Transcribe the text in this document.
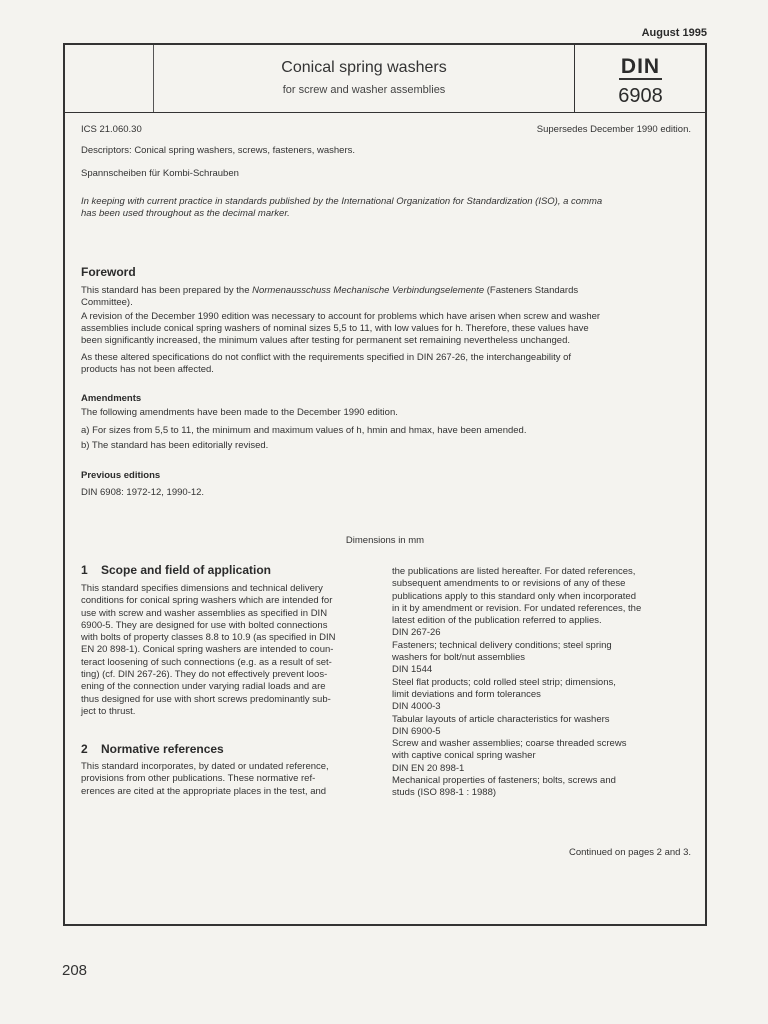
August 1995
Conical spring washers
for screw and washer assemblies
DIN
6908
ICS 21.060.30	Supersedes December 1990 edition.
Descriptors: Conical spring washers, screws, fasteners, washers.
Spannscheiben für Kombi-Schrauben
In keeping with current practice in standards published by the International Organization for Standardization (ISO), a comma
has been used throughout as the decimal marker.
Foreword
This standard has been prepared by the Normenausschuss Mechanische Verbindungselemente (Fasteners Standards
Committee).
A revision of the December 1990 edition was necessary to account for problems which have arisen when screw and washer
assemblies include conical spring washers of nominal sizes 5,5 to 11, with low values for h. Therefore, these values have
been significantly increased, the minimum values after testing for permanent set remaining nevertheless unchanged.
As these altered specifications do not conflict with the requirements specified in DIN 267-26, the interchangeability of
products has not been affected.
Amendments
The following amendments have been made to the December 1990 edition.
a) For sizes from 5,5 to 11, the minimum and maximum values of h, hmin and hmax, have been amended.
b) The standard has been editorially revised.
Previous editions
DIN 6908: 1972-12, 1990-12.
Dimensions in mm
1 Scope and field of application

This standard specifies dimensions and technical delivery

conditions for conical spring washers which are intended for

use with screw and washer assemblies as specified in DIN

6900-5. They are designed for use with bolted connections

with bolts of property classes 8.8 to 10.9 (as specified in DIN

EN 20 898-1). Conical spring washers are intended to coun-

teract loosening of such connections (e.g. as a result of set-

ting) (cf. DIN 267-26). They do not effectively prevent loos-

ening of the connection under varying radial loads and are

thus designed for use with short screws predominantly sub-

ject to thrust.

2 Normative references

This standard incorporates, by dated or undated reference,

provisions from other publications. These normative ref-

erences are cited at the appropriate places in the test, and

the publications are listed hereafter. For dated references,

subsequent amendments to or revisions of any of these

publications apply to this standard only when incorporated

in it by amendment or revision. For undated references, the

latest edition of the publication referred to applies.

DIN 267-26

Fasteners; technical delivery conditions; steel spring

washers for bolt/nut assemblies

DIN 1544

Steel flat products; cold rolled steel strip; dimensions,

limit deviations and form tolerances

DIN 4000-3

Tabular layouts of article characteristics for washers

DIN 6900-5

Screw and washer assemblies; coarse threaded screws

with captive conical spring washer

DIN EN 20 898-1

Mechanical properties of fasteners; bolts, screws and

studs (ISO 898-1 : 1988)

Continued on pages 2 and 3.
208
